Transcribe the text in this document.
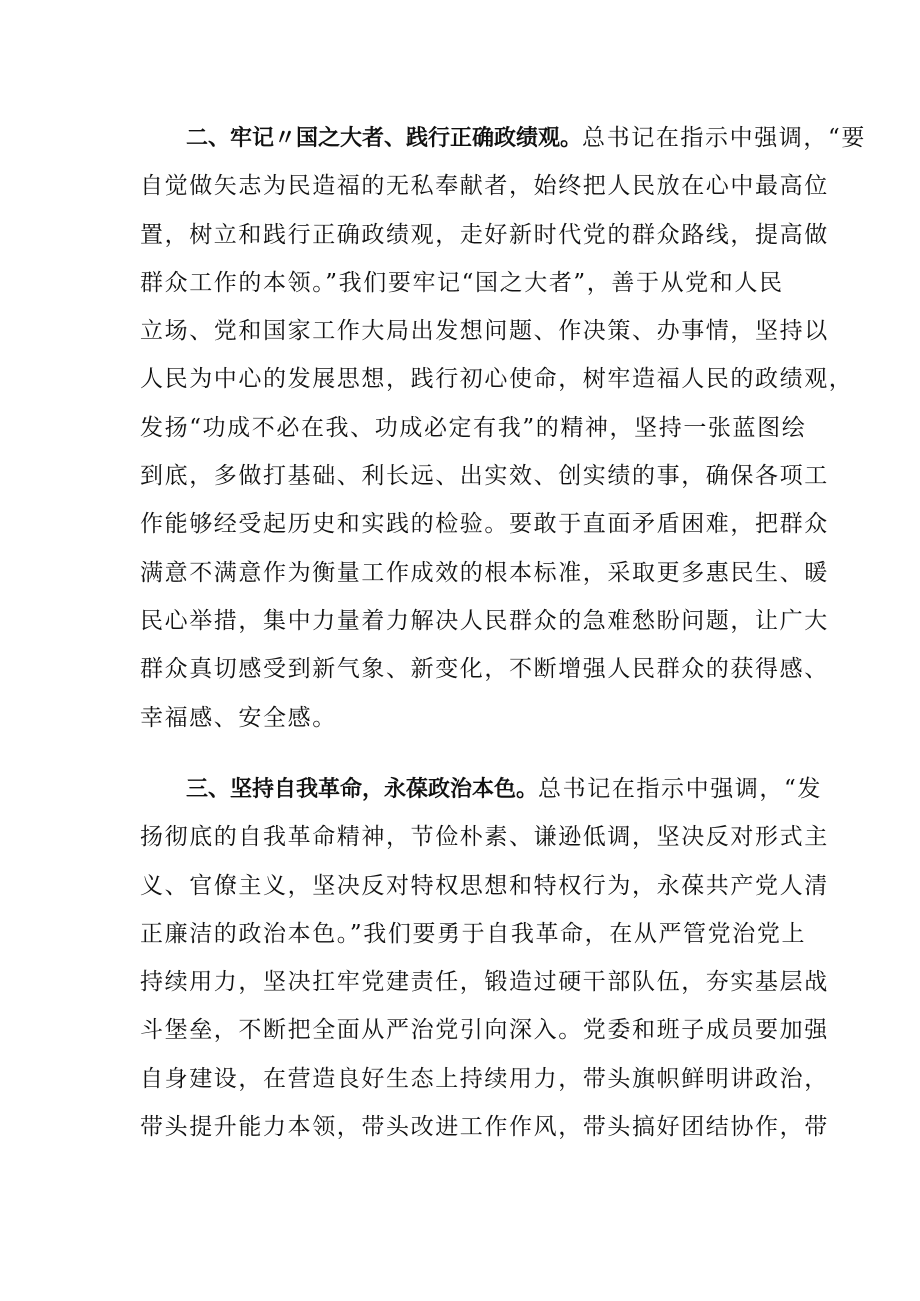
二、牢记〃国之大者、践行正确政绩观。总书记在指示中强调，“要
自觉做矢志为民造福的无私奉献者，始终把人民放在心中最高位
置，树立和践行正确政绩观，走好新时代党的群众路线，提高做
群众工作的本领。”我们要牢记“国之大者”，善于从党和人民
立场、党和国家工作大局出发想问题、作决策、办事情，坚持以
人民为中心的发展思想，践行初心使命，树牢造福人民的政绩观，
发扬“功成不必在我、功成必定有我”的精神，坚持一张蓝图绘
到底，多做打基础、利长远、出实效、创实绩的事，确保各项工
作能够经受起历史和实践的检验。要敢于直面矛盾困难，把群众
满意不满意作为衡量工作成效的根本标准，采取更多惠民生、暖
民心举措，集中力量着力解决人民群众的急难愁盼问题，让广大
群众真切感受到新气象、新变化，不断增强人民群众的获得感、
幸福感、安全感。
三、坚持自我革命，永葆政治本色。总书记在指示中强调，“发
扬彻底的自我革命精神，节俭朴素、谦逊低调，坚决反对形式主
义、官僚主义，坚决反对特权思想和特权行为，永葆共产党人清
正廉洁的政治本色。”我们要勇于自我革命，在从严管党治党上
持续用力，坚决扛牢党建责任，锻造过硬干部队伍，夯实基层战
斗堡垒，不断把全面从严治党引向深入。党委和班子成员要加强
自身建设，在营造良好生态上持续用力，带头旗帜鲜明讲政治，
带头提升能力本领，带头改进工作作风，带头搞好团结协作，带
